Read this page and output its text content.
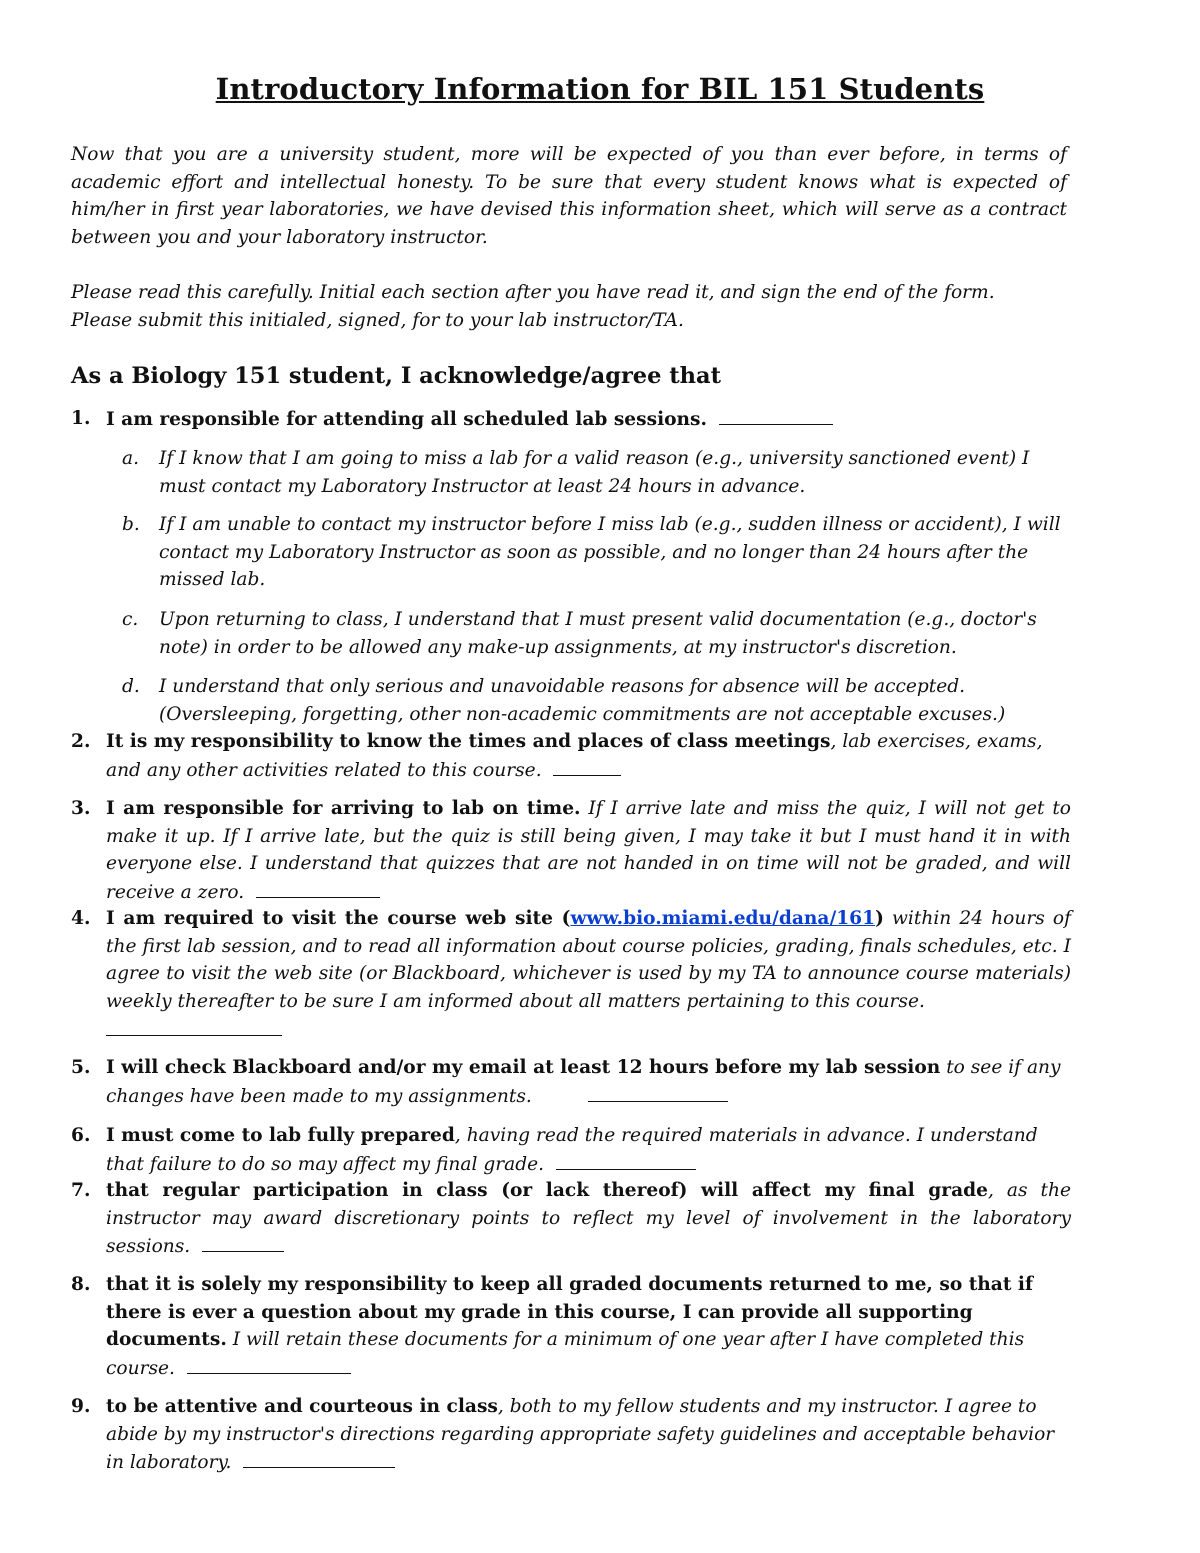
Introductory Information for BIL 151 Students

Now that you are a university student, more will be expected of you than ever before, in terms of academic effort and intellectual honesty. To be sure that every student knows what is expected of him/her in first year laboratories, we have devised this information sheet, which will serve as a contract between you and your laboratory instructor.

Please read this carefully. Initial each section after you have read it, and sign the end of the form.
Please submit this initialed, signed, for to your lab instructor/TA.

As a Biology 151 student, I acknowledge/agree that
1. I am responsible for attending all scheduled lab sessions.
a. If I know that I am going to miss a lab for a valid reason (e.g., university sanctioned event) I must contact my Laboratory Instructor at least 24 hours in advance.
b. If I am unable to contact my instructor before I miss lab (e.g., sudden illness or accident), I will contact my Laboratory Instructor as soon as possible, and no longer than 24 hours after the missed lab.
c. Upon returning to class, I understand that I must present valid documentation (e.g., doctor's note) in order to be allowed any make-up assignments, at my instructor's discretion.
d. I understand that only serious and unavoidable reasons for absence will be accepted. (Oversleeping, forgetting, other non-academic commitments are not acceptable excuses.)
2. It is my responsibility to know the times and places of class meetings, lab exercises, exams, and any other activities related to this course.
3. I am responsible for arriving to lab on time. If I arrive late and miss the quiz, I will not get to make it up. If I arrive late, but the quiz is still being given, I may take it but I must hand it in with everyone else. I understand that quizzes that are not handed in on time will not be graded, and will receive a zero.
4. I am required to visit the course web site (www.bio.miami.edu/dana/161) within 24 hours of the first lab session, and to read all information about course policies, grading, finals schedules, etc. I agree to visit the web site (or Blackboard, whichever is used by my TA to announce course materials) weekly thereafter to be sure I am informed about all matters pertaining to this course.

5. I will check Blackboard and/or my email at least 12 hours before my lab session to see if any changes have been made to my assignments.
6. I must come to lab fully prepared, having read the required materials in advance. I understand that failure to do so may affect my final grade.
7. that regular participation in class (or lack thereof) will affect my final grade, as the instructor may award discretionary points to reflect my level of involvement in the laboratory sessions.
8. that it is solely my responsibility to keep all graded documents returned to me, so that if there is ever a question about my grade in this course, I can provide all supporting documents. I will retain these documents for a minimum of one year after I have completed this course.
9. to be attentive and courteous in class, both to my fellow students and my instructor. I agree to abide by my instructor's directions regarding appropriate safety guidelines and acceptable behavior in laboratory.
